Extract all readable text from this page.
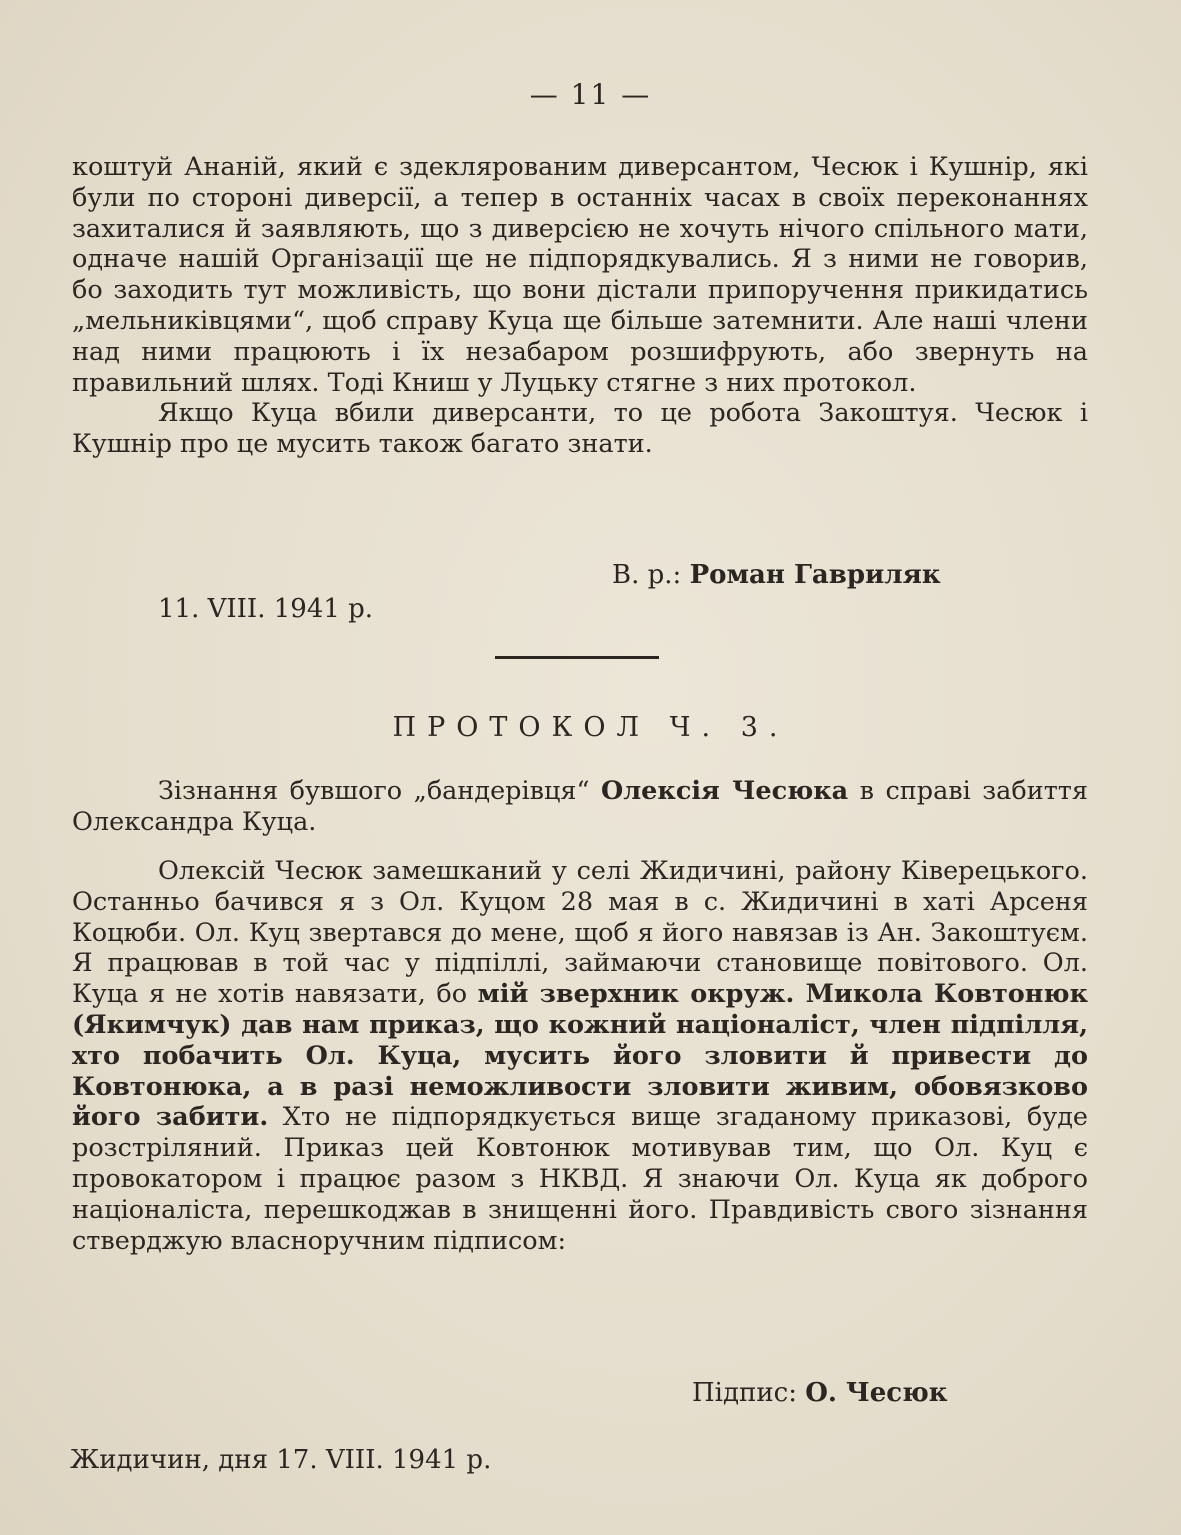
— 11 —

коштуй Ананій, який є здеклярованим диверсантом, Чесюк і Кушнір, які були по стороні диверсії, а тепер в останніх часах в своїх переконаннях захиталися й заявляють, що з диверсією не хочуть нічого спільного мати, одначе нашій Організації ще не підпорядкувались. Я з ними не говорив, бо заходить тут можливість, що вони дістали припоручення прикидатись „мельниківцями“, щоб справу Куца ще більше затемнити. Але наші члени над ними працюють і їх незабаром розшифрують, або звернуть на правильний шлях. Тоді Книш у Луцьку стягне з них протокол.

Якщо Куца вбили диверсанти, то це робота Закоштуя. Чесюк і Кушнір про це мусить також багато знати.

В. р.: Роман Гавриляк
11. VIII. 1941 р.
ПРОТОКОЛ Ч. 3.

Зізнання бувшого „бандерівця“ Олексія Чесюка в справі забиття Олександра Куца.

Олексій Чесюк замешканий у селі Жидичині, району Ківерецького. Останньо бачився я з Ол. Куцом 28 мая в с. Жидичині в хаті Арсеня Коцюби. Ол. Куц звертався до мене, щоб я його навязав із Ан. Закоштуєм. Я працював в той час у підпіллі, займаючи становище повітового. Ол. Куца я не хотів навязати, бо мій зверхник окруж. Микола Ковтонюк (Якимчук) дав нам приказ, що кожний націоналіст, член підпілля, хто побачить Ол. Куца, мусить його зловити й привести до Ковтонюка, а в разі неможливости зловити живим, обовязково його забити. Хто не підпорядкується вище згаданому приказові, буде розстріляний. Приказ цей Ковтонюк мотивував тим, що Ол. Куц є провокатором і працює разом з НКВД. Я знаючи Ол. Куца як доброго націоналіста, перешкоджав в знищенні його. Правдивість свого зізнання стверджую власноручним підписом:

Підпис: О. Чесюк
Жидичин, дня 17. VIII. 1941 р.
